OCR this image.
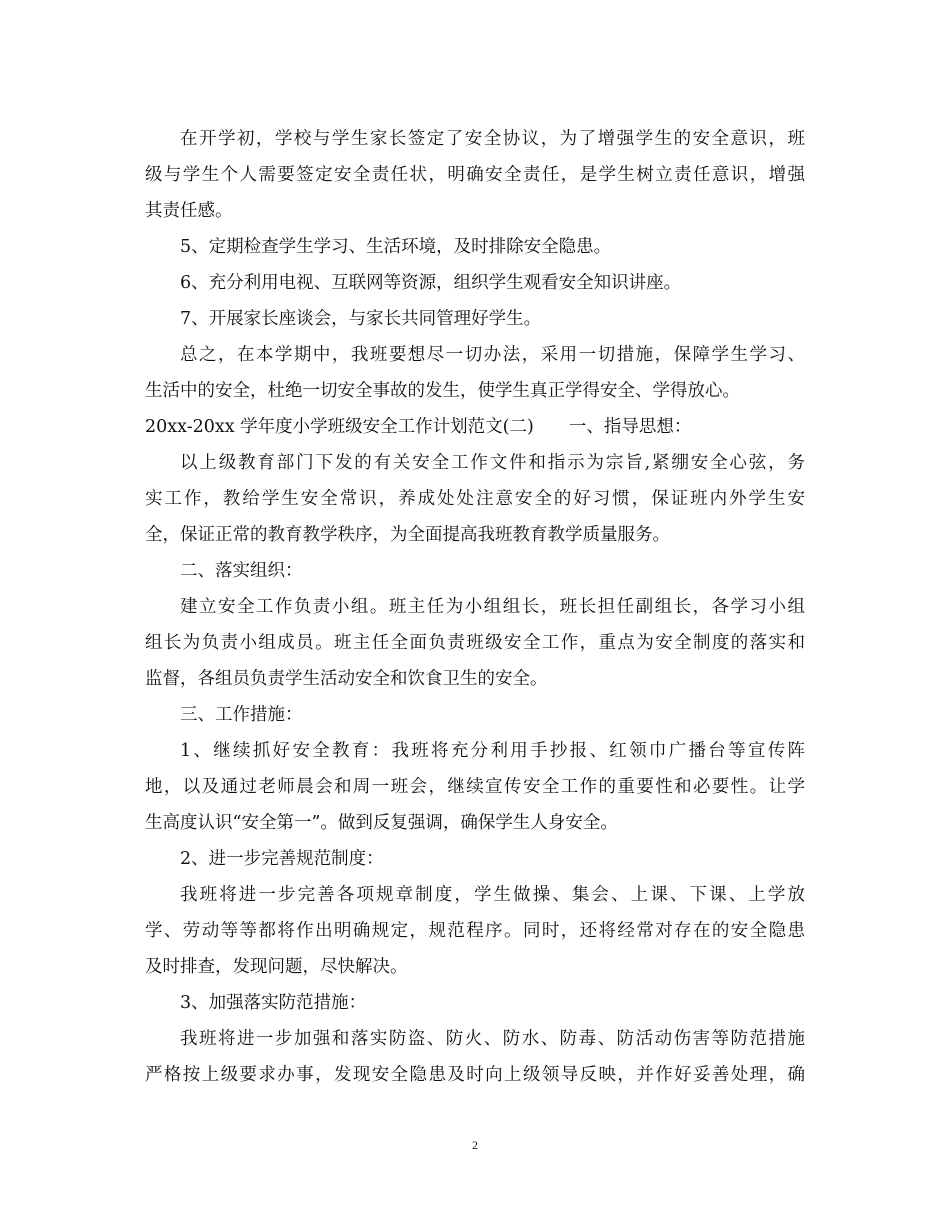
在开学初，学校与学生家长签定了安全协议，为了增强学生的安全意识，班
级与学生个人需要签定安全责任状，明确安全责任，是学生树立责任意识，增强
其责任感。
5、定期检查学生学习、生活环境，及时排除安全隐患。
6、充分利用电视、互联网等资源，组织学生观看安全知识讲座。
7、开展家长座谈会，与家长共同管理好学生。
总之，在本学期中，我班要想尽一切办法，采用一切措施，保障学生学习、
生活中的安全，杜绝一切安全事故的发生，使学生真正学得安全、学得放心。
20xx-20xx 学年度小学班级安全工作计划范文(二)　　一、指导思想：
以上级教育部门下发的有关安全工作文件和指示为宗旨,紧绷安全心弦，务
实工作，教给学生安全常识，养成处处注意安全的好习惯，保证班内外学生安
全，保证正常的教育教学秩序，为全面提高我班教育教学质量服务。
二、落实组织：
建立安全工作负责小组。班主任为小组组长，班长担任副组长，各学习小组
组长为负责小组成员。班主任全面负责班级安全工作，重点为安全制度的落实和
监督，各组员负责学生活动安全和饮食卫生的安全。
三、工作措施：
1、继续抓好安全教育：我班将充分利用手抄报、红领巾广播台等宣传阵
地，以及通过老师晨会和周一班会，继续宣传安全工作的重要性和必要性。让学
生高度认识“安全第一”。做到反复强调，确保学生人身安全。
2、进一步完善规范制度：
我班将进一步完善各项规章制度，学生做操、集会、上课、下课、上学放
学、劳动等等都将作出明确规定，规范程序。同时，还将经常对存在的安全隐患
及时排查，发现问题，尽快解决。
3、加强落实防范措施：
我班将进一步加强和落实防盗、防火、防水、防毒、防活动伤害等防范措施
严格按上级要求办事，发现安全隐患及时向上级领导反映，并作好妥善处理，确
2
